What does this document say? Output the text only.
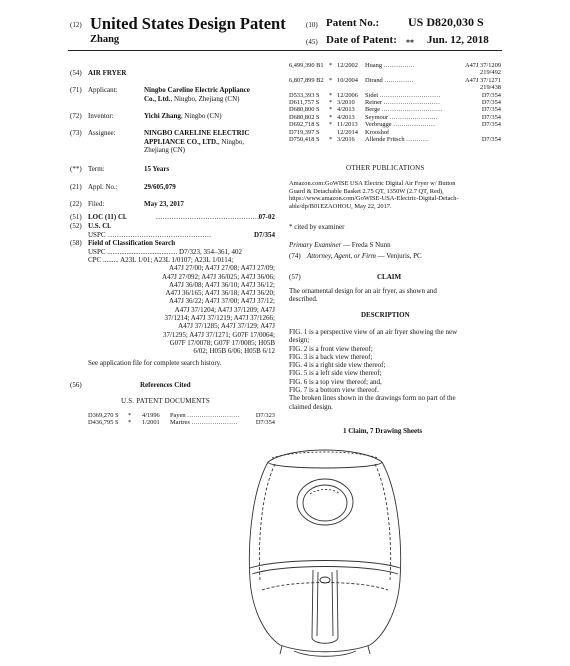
(12) United States Design Patent
Zhang
(10) Patent No.: US D820,030 S
(45) Date of Patent: ** Jun. 12, 2018
(54) AIR FRYER
(71) Applicant:	Ningbo Careline Electric Appliance
Co., Ltd., Ningbo, Zhejiang (CN)
(72) Inventor:	Yichi Zhang, Ningbo (CN)
(73) Assignee:	NINGBO CARELINE ELECTRIC
APPLIANCE CO., LTD., Ningbo,
Zhejiang (CN)
(**) Term:	15 Years
(21) Appl. No.:	29/605,079
(22) Filed:	May 23, 2017
(51) LOC (11) Cl.	.............................................. 07-02
(52) U.S. Cl.
USPC ..............................................	D7/354
(58) Field of Classification Search
USPC ........................................ D7/323, 354–361, 402
CPC ......... A23L 1/01; A23L 1/0107; A23L 1/0114;
A47J 27/00; A47J 27/08; A47J 27/09;
A47J 27/092; A47J 36/025; A47J 36/06;
A47J 36/08; A47J 36/10; A47J 36/12;
A47J 36/165; A47J 36/18; A47J 36/20;
A47J 36/22; A47J 37/00; A47J 37/12;
A47J 37/1204; A47J 37/1209; A47J
37/1214; A47J 37/1219; A47J 37/1266;
A47J 37/1285; A47J 37/129; A47J
37/1295; A47J 37/1271; G07F 17/0064;
G07F 17/0078; G07F 17/0085; H05B
6/02; H05B 6/06; H05B 6/12
See application file for complete search history.
(56)	References Cited
U.S. PATENT DOCUMENTS
D369,270 S	*	4/1996	Payen .........................	D7/323
D436,795 S	*	1/2001	Martres ......................	D7/354
6,499,390 B1	*	12/2002	Huang ...............	A47J 37/1209
				219/492
6,807,899 B2	*	10/2004	Dirand ..............	A47J 37/1271
				219/438
D533,393 S	*	12/2006	Sidet .............................	D7/354
D611,757 S	*	3/2010	Reiner ...........................	D7/354
D680,800 S	*	4/2013	Berge .............................	D7/354
D680,802 S	*	4/2013	Seymour .......................	D7/354
D692,718 S	*	11/2013	Verbrugge ....................	D7/354
D719,397 S		12/2014	Krooshof	
D750,418 S	*	3/2016	Allende Fritsch ...........	D7/354
OTHER PUBLICATIONS
Amazon.com:GoWISE USA Electric Digital Air Fryer w/ Button
Guard & Detachable Basket 2.75 QT, 1350W (2.7 QT, Red),
https://www.amazon.com/GoWISE-USA-Electric-Digital-Detach-
able/dp/B01EZAOHOU, May 22, 2017.
* cited by examiner
Primary Examiner — Freda S Nunn
(74) Attorney, Agent, or Firm — Venjuris, PC
(57)	CLAIM
The ornamental design for an air fryer, as shown and
described.
DESCRIPTION
FIG. 1 is a perspective view of an air fryer showing the new
design;
FIG. 2 is a front view thereof;
FIG. 3 is a back view thereof;
FIG. 4 is a right side view thereof;
FIG. 5 is a left side view thereof;
FIG. 6 is a top view thereof; and,
FIG. 7 is a bottom view thereof.
The broken lines shown in the drawings form no part of the
claimed design.
1 Claim, 7 Drawing Sheets
